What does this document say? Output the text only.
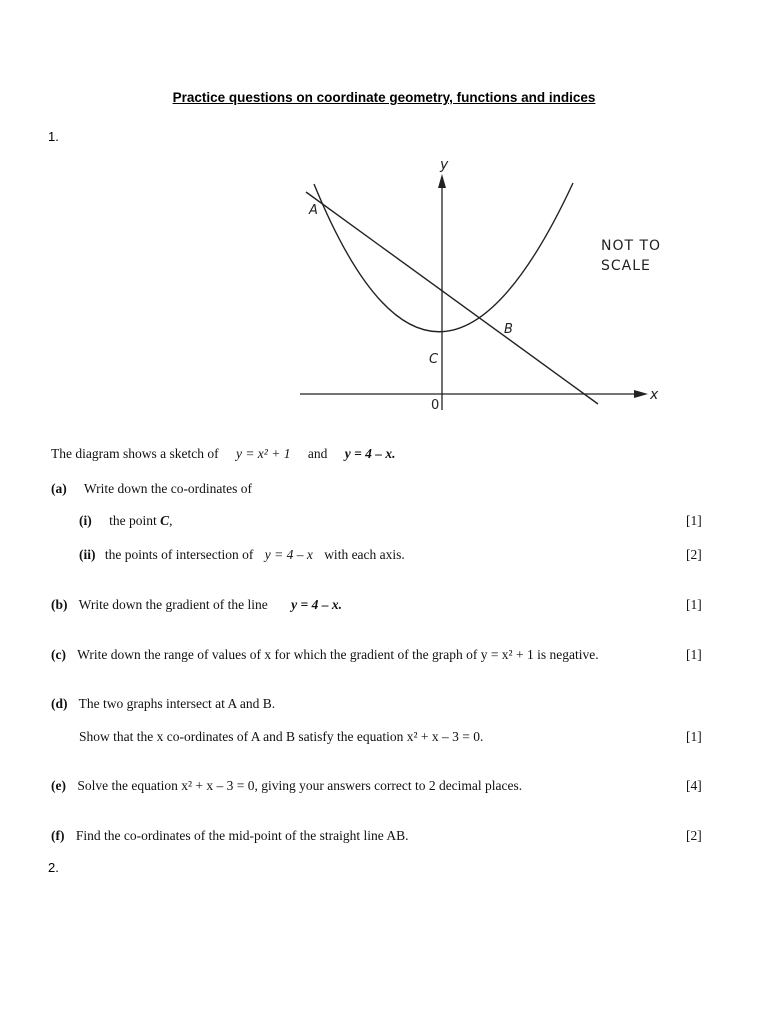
Practice questions on coordinate geometry, functions and indices
1.
y
x
0
A
B
C
NOT TO
SCALE
The diagram shows a sketch of y = x² + 1 and y = 4 – x.
(a) Write down the co-ordinates of
(i) the point C,	[1]
(ii) the points of intersection of y = 4 – x with each axis.	[2]
(b) Write down the gradient of the line y = 4 – x.	[1]
(c) Write down the range of values of x for which the gradient of the graph of y = x² + 1 is negative.	[1]
(d) The two graphs intersect at A and B.
Show that the x co-ordinates of A and B satisfy the equation x² + x – 3 = 0.	[1]
(e) Solve the equation x² + x – 3 = 0, giving your answers correct to 2 decimal places.	[4]
(f) Find the co-ordinates of the mid-point of the straight line AB.	[2]
2.
